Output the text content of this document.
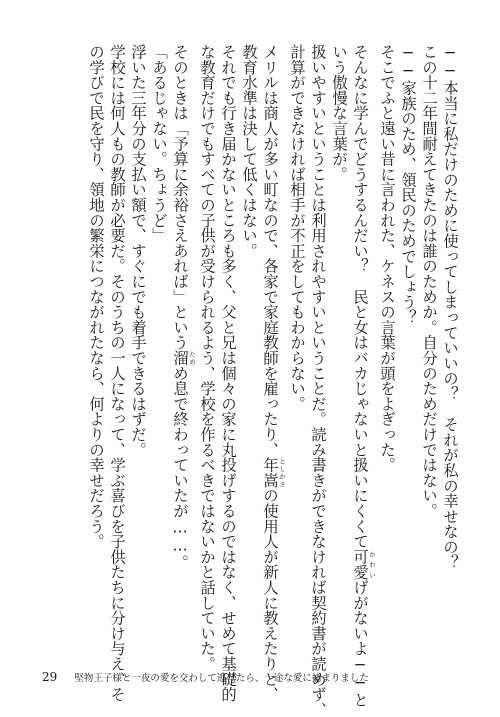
──本当に私だけのために使ってしまっていいの？　それが私の幸せなの？
この十二年間耐えてきたのは誰のためか。自分のためだけではない。
──家族のため、領民のためでしょう？
そこでふと遠い昔に言われた、ケネスの言葉が頭をよぎった。
そんなに学んでどうするんだい？　民と女はバカじゃないと扱いにくくて可愛 かわいげがないよ──と
いう傲慢な言葉が。
扱いやすいということは利用されやすいということだ。読み書きができなければ契約書が読めず、
計算ができなければ相手が不正をしてもわからない。
メリルは商人が多い町なので、各家で家庭教師を雇ったり、年嵩 としかさの使用人が新人に教えたりと、
教育水準は決して低くはない。
それでも行き届かないところも多く、父と兄は個々の家に丸投げするのではなく、せめて基礎的
な教育だけでもすべての子供が受けられるよう、学校を作るべきではないかと話していた。
そのときは「予算に余裕さえあれば」という溜 ためめ息で終わっていたが……。
「あるじゃない。ちょうど」
浮いた三年分の支払い額で、すぐにでも着手できるはずだ。
学校には何人もの教師が必要だ。そのうちの一人になって、学ぶ喜びを子供たちに分け与え、そ
の学びで民を守り、領地の繁栄につながれたなら、何よりの幸せだろう。
29 堅物王子様と一夜の愛を交わして逃げたら、一途な愛に捕まりました
